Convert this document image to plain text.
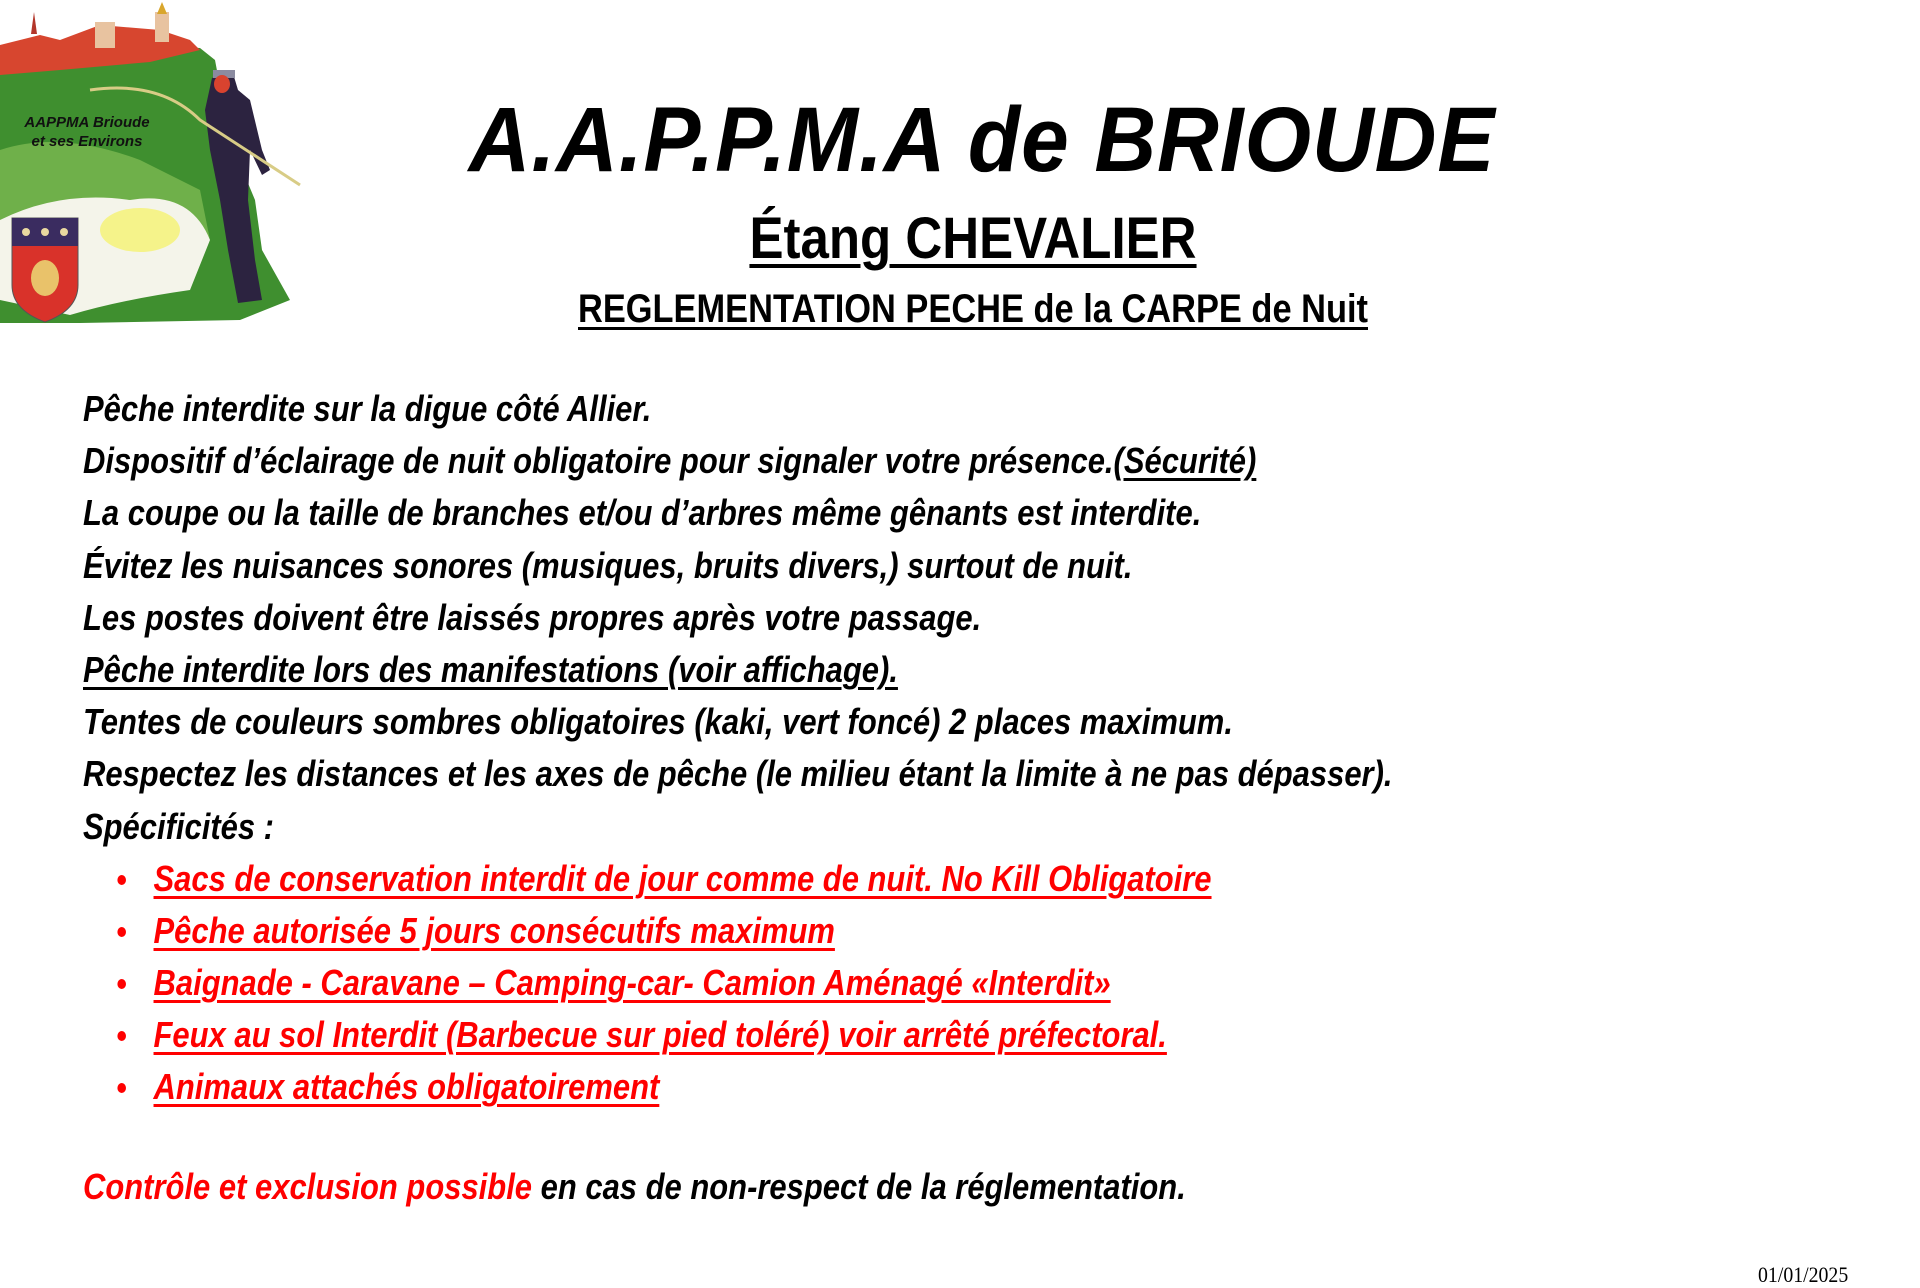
AAPPMA Brioude
et ses Environs	A.A.P.P.M.A de BRIOUDE
Étang CHEVALIER
REGLEMENTATION PECHE de la CARPE de Nuit
Pêche interdite sur la digue côté Allier.
Dispositif d’éclairage de nuit obligatoire pour signaler votre présence.(Sécurité)
La coupe ou la taille de branches et/ou d’arbres même gênants est interdite.
Évitez les nuisances sonores (musiques, bruits divers,) surtout de nuit.
Les postes doivent être laissés propres après votre passage.
Pêche interdite lors des manifestations (voir affichage).
Tentes de couleurs sombres obligatoires (kaki, vert foncé) 2 places maximum.
Respectez les distances et les axes de pêche (le milieu étant la limite à ne pas dépasser).
Spécificités :
Sacs de conservation interdit de jour comme de nuit. No Kill Obligatoire
Pêche autorisée 5 jours consécutifs maximum
Baignade - Caravane – Camping-car- Camion Aménagé «Interdit»
Feux au sol Interdit (Barbecue sur pied toléré) voir arrêté préfectoral.
Animaux attachés obligatoirement
Contrôle et exclusion possible en cas de non-respect de la réglementation.
01/01/2025
